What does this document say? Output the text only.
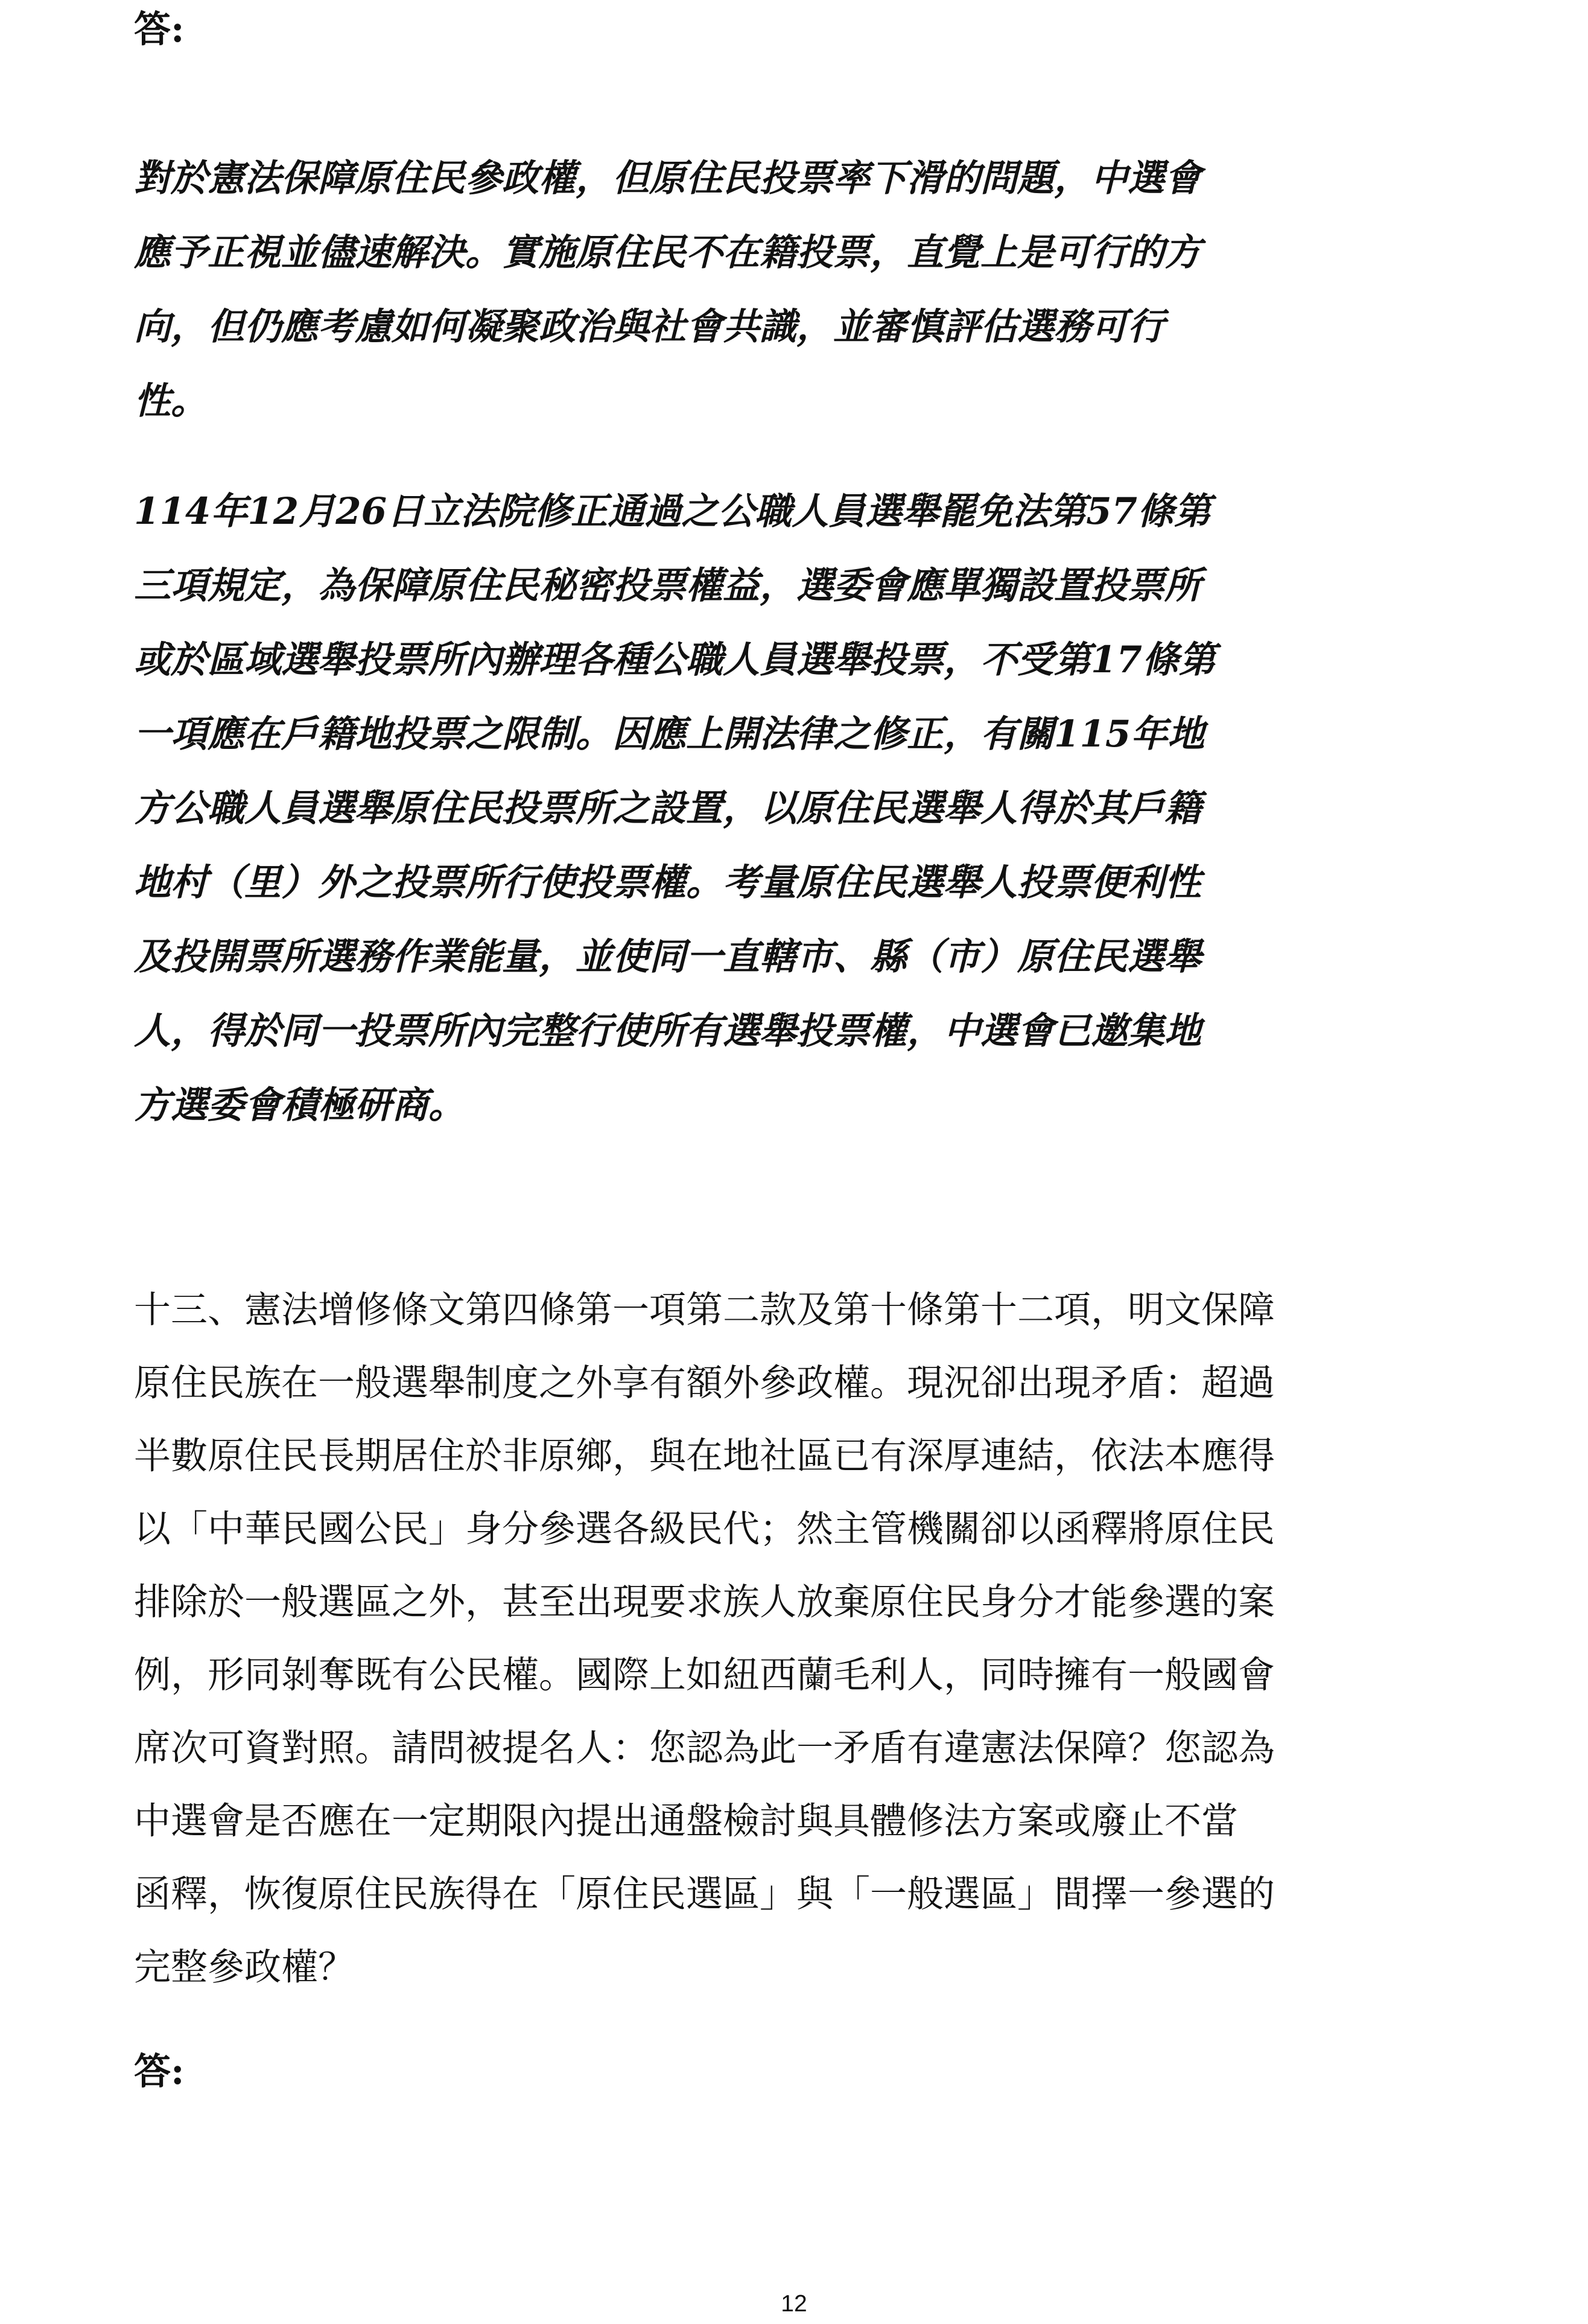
答:
對於憲法保障原住民參政權，但原住民投票率下滑的問題，中選會
應予正視並儘速解決。實施原住民不在籍投票，直覺上是可行的方
向，但仍應考慮如何凝聚政治與社會共識，並審慎評估選務可行
性。
114年12月26日立法院修正通過之公職人員選舉罷免法第57條第
三項規定，為保障原住民秘密投票權益，選委會應單獨設置投票所
或於區域選舉投票所內辦理各種公職人員選舉投票，不受第17條第
一項應在戶籍地投票之限制。因應上開法律之修正，有關115年地
方公職人員選舉原住民投票所之設置，以原住民選舉人得於其戶籍
地村（里）外之投票所行使投票權。考量原住民選舉人投票便利性
及投開票所選務作業能量，並使同一直轄市、縣（市）原住民選舉
人，得於同一投票所內完整行使所有選舉投票權，中選會已邀集地
方選委會積極研商。
十三、憲法增修條文第四條第一項第二款及第十條第十二項，明文保障
原住民族在一般選舉制度之外享有額外參政權。現況卻出現矛盾：超過
半數原住民長期居住於非原鄉，與在地社區已有深厚連結，依法本應得
以「中華民國公民」身分參選各級民代；然主管機關卻以函釋將原住民
排除於一般選區之外，甚至出現要求族人放棄原住民身分才能參選的案
例，形同剝奪既有公民權。國際上如紐西蘭毛利人，同時擁有一般國會
席次可資對照。請問被提名人：您認為此一矛盾有違憲法保障？您認為
中選會是否應在一定期限內提出通盤檢討與具體修法方案或廢止不當
函釋，恢復原住民族得在「原住民選區」與「一般選區」間擇一參選的
完整參政權？
答:
12
